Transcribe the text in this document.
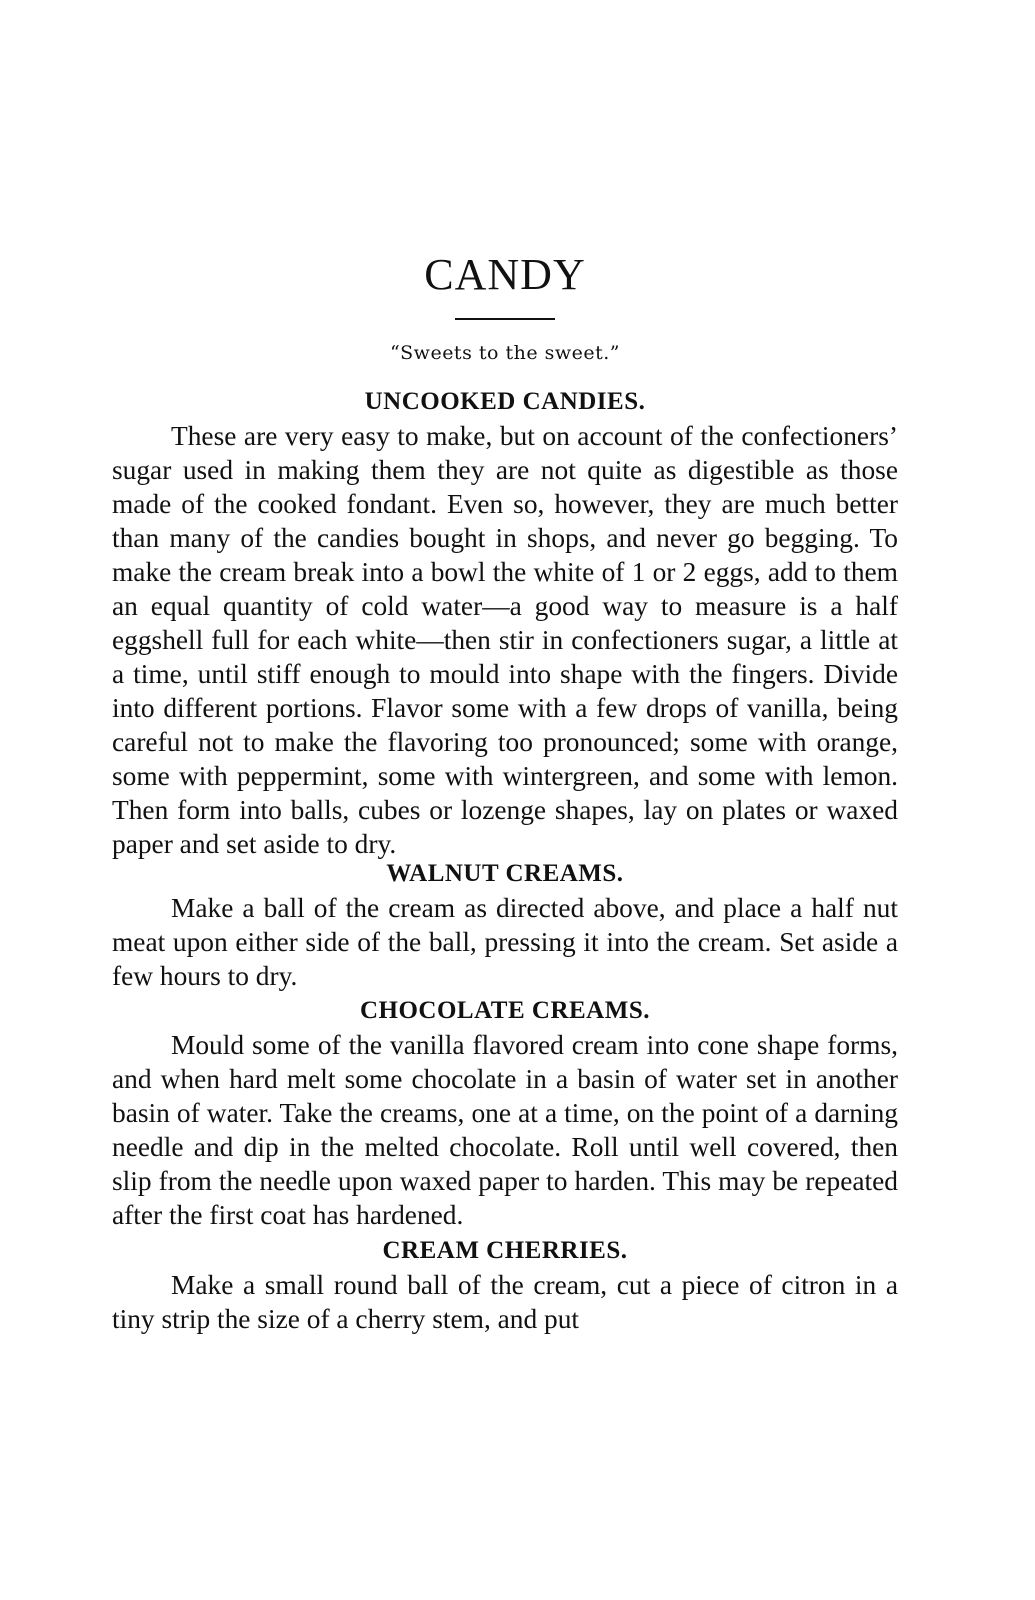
CANDY
“Sweets to the sweet.”
UNCOOKED CANDIES.

These are very easy to make, but on account of the confectioners’ sugar used in making them they are not quite as digestible as those made of the cooked fondant. Even so, however, they are much better than many of the candies bought in shops, and never go begging. To make the cream break into a bowl the white of 1 or 2 eggs, add to them an equal quantity of cold water—a good way to measure is a half eggshell full for each white—then stir in confectioners sugar, a little at a time, until stiff enough to mould into shape with the fingers. Divide into different portions. Flavor some with a few drops of vanilla, being careful not to make the flavoring too pronounced; some with orange, some with peppermint, some with wintergreen, and some with lemon. Then form into balls, cubes or lozenge shapes, lay on plates or waxed paper and set aside to dry.

WALNUT CREAMS.

Make a ball of the cream as directed above, and place a half nut meat upon either side of the ball, pressing it into the cream. Set aside a few hours to dry.

CHOCOLATE CREAMS.

Mould some of the vanilla flavored cream into cone shape forms, and when hard melt some chocolate in a basin of water set in another basin of water. Take the creams, one at a time, on the point of a darning needle and dip in the melted chocolate. Roll until well covered, then slip from the needle upon waxed paper to harden. This may be repeated after the first coat has hardened.

CREAM CHERRIES.

Make a small round ball of the cream, cut a piece of citron in a tiny strip the size of a cherry stem, and put
